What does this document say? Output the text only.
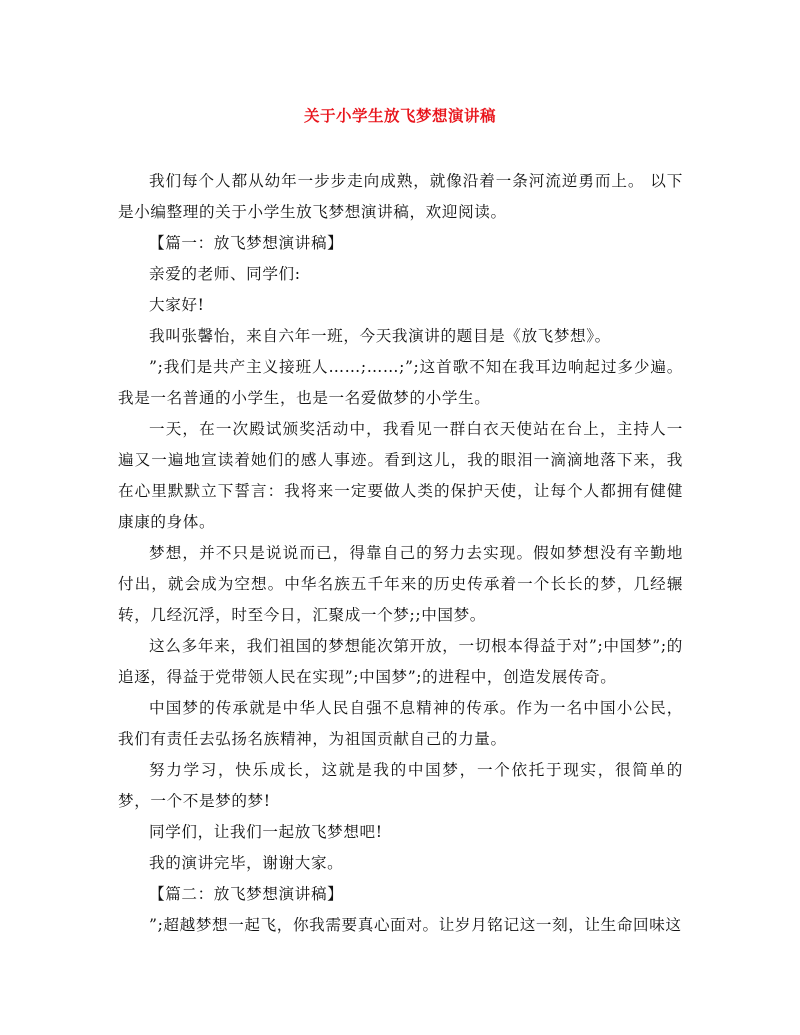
关于小学生放飞梦想演讲稿

我们每个人都从幼年一步步走向成熟，就像沿着一条河流逆勇而上。 以下是小编整理的关于小学生放飞梦想演讲稿，欢迎阅读。

【篇一：放飞梦想演讲稿】

亲爱的老师、同学们:

大家好!

我叫张馨怡，来自六年一班，今天我演讲的题目是《放飞梦想》。

”;我们是共产主义接班人……;……;”;这首歌不知在我耳边响起过多少遍。我是一名普通的小学生，也是一名爱做梦的小学生。

一天，在一次殿试颁奖活动中，我看见一群白衣天使站在台上，主持人一遍又一遍地宣读着她们的感人事迹。看到这儿，我的眼泪一滴滴地落下来，我在心里默默立下誓言：我将来一定要做人类的保护天使，让每个人都拥有健健康康的身体。

梦想，并不只是说说而已，得靠自己的努力去实现。假如梦想没有辛勤地付出，就会成为空想。中华名族五千年来的历史传承着一个长长的梦，几经辗转，几经沉浮，时至今日，汇聚成一个梦;;中国梦。

这么多年来，我们祖国的梦想能次第开放，一切根本得益于对”;中国梦”;的追逐，得益于党带领人民在实现”;中国梦”;的进程中，创造发展传奇。

中国梦的传承就是中华人民自强不息精神的传承。作为一名中国小公民，我们有责任去弘扬名族精神，为祖国贡献自己的力量。

努力学习，快乐成长，这就是我的中国梦，一个依托于现实，很简单的梦，一个不是梦的梦!

同学们，让我们一起放飞梦想吧!

我的演讲完毕，谢谢大家。

【篇二：放飞梦想演讲稿】

”;超越梦想一起飞，你我需要真心面对。让岁月铭记这一刻，让生命回味这
